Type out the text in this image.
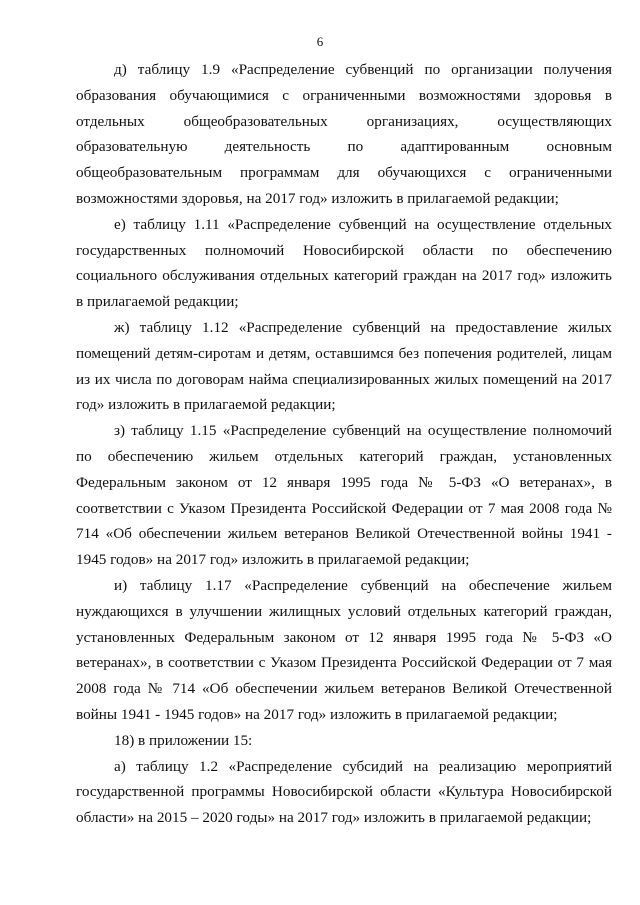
6

д) таблицу 1.9 «Распределение субвенций по организации получения образования обучающимися с ограниченными возможностями здоровья в отдельных общеобразовательных организациях, осуществляющих образовательную деятельность по адаптированным основным общеобразовательным программам для обучающихся с ограниченными возможностями здоровья, на 2017 год» изложить в прилагаемой редакции;

е) таблицу 1.11 «Распределение субвенций на осуществление отдельных государственных полномочий Новосибирской области по обеспечению социального обслуживания отдельных категорий граждан на 2017 год» изложить в прилагаемой редакции;

ж) таблицу 1.12 «Распределение субвенций на предоставление жилых помещений детям-сиротам и детям, оставшимся без попечения родителей, лицам из их числа по договорам найма специализированных жилых помещений на 2017 год» изложить в прилагаемой редакции;

з) таблицу 1.15 «Распределение субвенций на осуществление полномочий по обеспечению жильем отдельных категорий граждан, установленных Федеральным законом от 12 января 1995 года № 5-ФЗ «О ветеранах», в соответствии с Указом Президента Российской Федерации от 7 мая 2008 года № 714 «Об обеспечении жильем ветеранов Великой Отечественной войны 1941 - 1945 годов» на 2017 год» изложить в прилагаемой редакции;

и) таблицу 1.17 «Распределение субвенций на обеспечение жильем нуждающихся в улучшении жилищных условий отдельных категорий граждан, установленных Федеральным законом от 12 января 1995 года № 5-ФЗ «О ветеранах», в соответствии с Указом Президента Российской Федерации от 7 мая 2008 года № 714 «Об обеспечении жильем ветеранов Великой Отечественной войны 1941 - 1945 годов» на 2017 год» изложить в прилагаемой редакции;

18) в приложении 15:

а) таблицу 1.2 «Распределение субсидий на реализацию мероприятий государственной программы Новосибирской области «Культура Новосибирской области» на 2015 – 2020 годы» на 2017 год» изложить в прилагаемой редакции;
